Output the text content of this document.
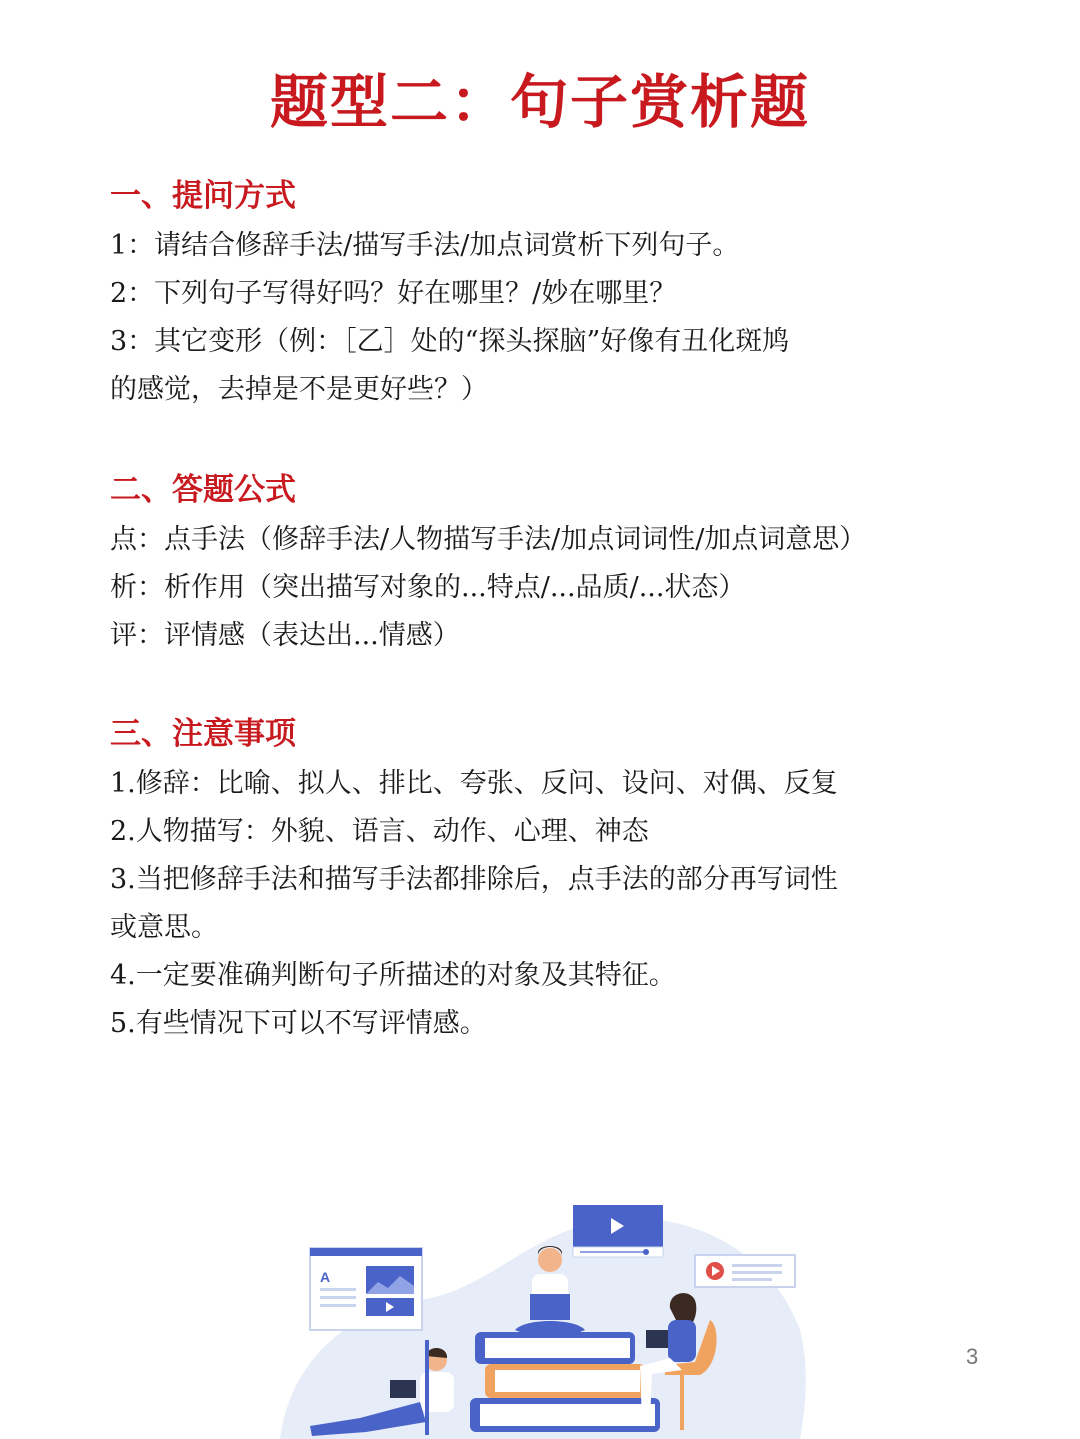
题型二：句子赏析题
一、提问方式

1：请结合修辞手法/描写手法/加点词赏析下列句子。

2：下列句子写得好吗？好在哪里？/妙在哪里？

3：其它变形（例：［乙］处的“探头探脑”好像有丑化斑鸠

的感觉，去掉是不是更好些？）

二、答题公式

点：点手法（修辞手法/人物描写手法/加点词词性/加点词意思）

析：析作用（突出描写对象的...特点/...品质/...状态）

评：评情感（表达出...情感）

三、注意事项

1.修辞：比喻、拟人、排比、夸张、反问、设问、对偶、反复

2.人物描写：外貌、语言、动作、心理、神态

3.当把修辞手法和描写手法都排除后，点手法的部分再写词性

或意思。

4.一定要准确判断句子所描述的对象及其特征。

5.有些情况下可以不写评情感。

A
3
